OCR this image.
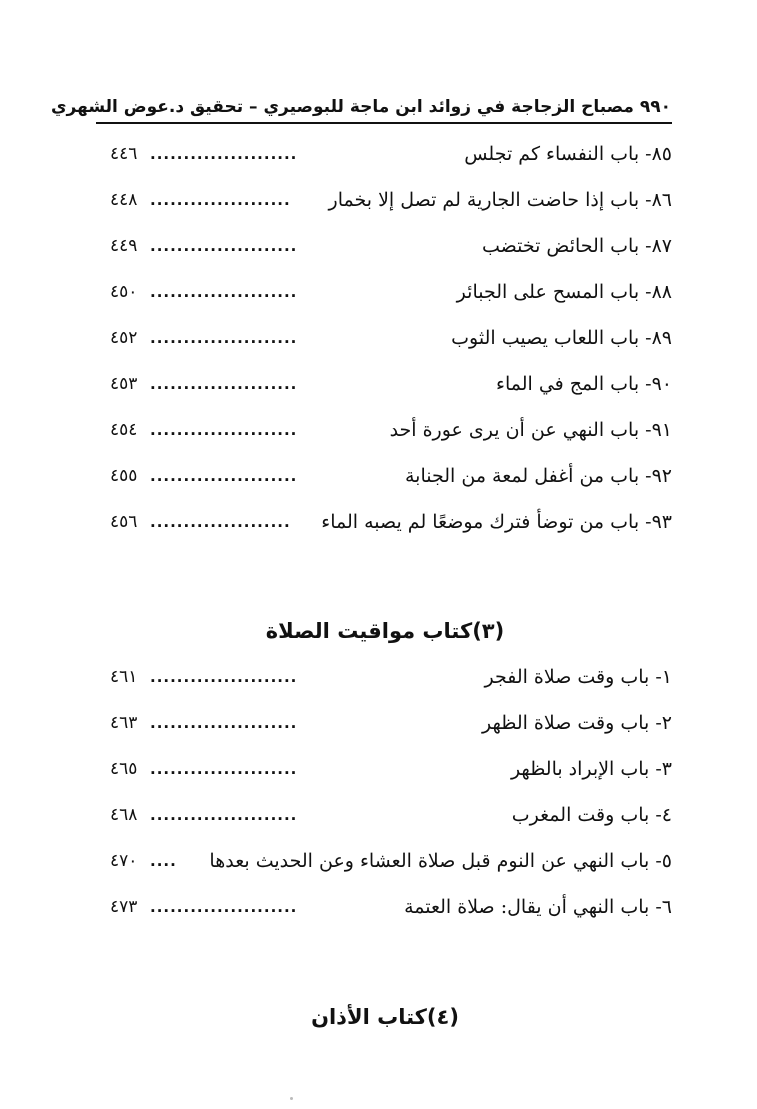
٩٩٠ مصباح الزجاجة في زوائد ابن ماجة للبوصيري – تحقيق د.عوض الشهري
٨٥- باب النفساء كم تجلس
......................
٤٤٦
٨٦- باب إذا حاضت الجارية لم تصل إلا بخمار
.....................
٤٤٨
٨٧- باب الحائض تختضب
......................
٤٤٩
٨٨- باب المسح على الجبائر
......................
٤٥٠
٨٩- باب اللعاب يصيب الثوب
......................
٤٥٢
٩٠- باب المج في الماء
......................
٤٥٣
٩١- باب النهي عن أن يرى عورة أحد
......................
٤٥٤
٩٢- باب من أغفل لمعة من الجنابة
......................
٤٥٥
٩٣- باب من توضأ فترك موضعًا لم يصبه الماء
.....................
٤٥٦
(٣)كتاب مواقيت الصلاة
١- باب وقت صلاة الفجر
......................
٤٦١
٢- باب وقت صلاة الظهر
......................
٤٦٣
٣- باب الإبراد بالظهر
......................
٤٦٥
٤- باب وقت المغرب
......................
٤٦٨
٥- باب النهي عن النوم قبل صلاة العشاء وعن الحديث بعدها
....
٤٧٠
٦- باب النهي أن يقال: صلاة العتمة
......................
٤٧٣
(٤)كتاب الأذان
